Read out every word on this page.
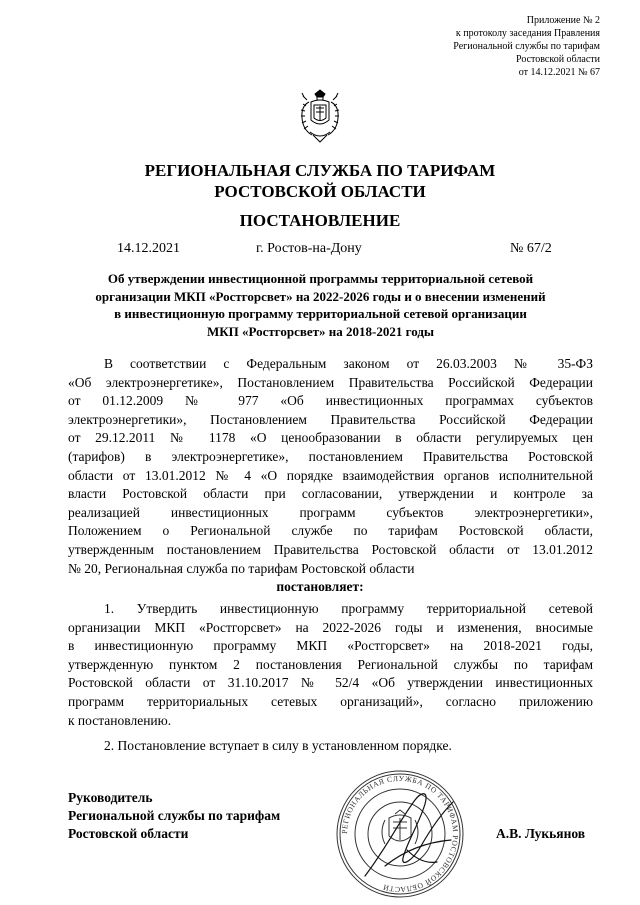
Приложение № 2
к протоколу заседания Правления
Региональной службы по тарифам
Ростовской области
от 14.12.2021 № 67
РЕГИОНАЛЬНАЯ СЛУЖБА ПО ТАРИФАМ
РОСТОВСКОЙ ОБЛАСТИ
ПОСТАНОВЛЕНИЕ
14.12.2021	г. Ростов-на-Дону	№ 67/2
Об утверждении инвестиционной программы территориальной сетевой
организации МКП «Ростгорсвет» на 2022-2026 годы и о внесении изменений
в инвестиционную программу территориальной сетевой организации
МКП «Ростгорсвет» на 2018-2021 годы
В соответствии с Федеральным законом от 26.03.2003 № 35-ФЗ
«Об электроэнергетике», Постановлением Правительства Российской Федерации
от 01.12.2009 № 977 «Об инвестиционных программах субъектов
электроэнергетики», Постановлением Правительства Российской Федерации
от 29.12.2011 № 1178 «О ценообразовании в области регулируемых цен
(тарифов) в электроэнергетике», постановлением Правительства Ростовской
области от 13.01.2012 № 4 «О порядке взаимодействия органов исполнительной
власти Ростовской области при согласовании, утверждении и контроле за
реализацией инвестиционных программ субъектов электроэнергетики»,
Положением о Региональной службе по тарифам Ростовской области,
утвержденным постановлением Правительства Ростовской области от 13.01.2012
№ 20, Региональная служба по тарифам Ростовской области
постановляет:
1. Утвердить инвестиционную программу территориальной сетевой
организации МКП «Ростгорсвет» на 2022-2026 годы и изменения, вносимые
в инвестиционную программу МКП «Ростгорсвет» на 2018-2021 годы,
утвержденную пунктом 2 постановления Региональной службы по тарифам
Ростовской области от 31.10.2017 № 52/4 «Об утверждении инвестиционных
программ территориальных сетевых организаций», согласно приложению
к постановлению.
2. Постановление вступает в силу в установленном порядке.
Руководитель
Региональной службы по тарифам
Ростовской области	РЕГИОНАЛЬНАЯ СЛУЖБА ПО ТАРИФАМ РОСТОВСКОЙ ОБЛАСТИ
А.В. Лукьянов
